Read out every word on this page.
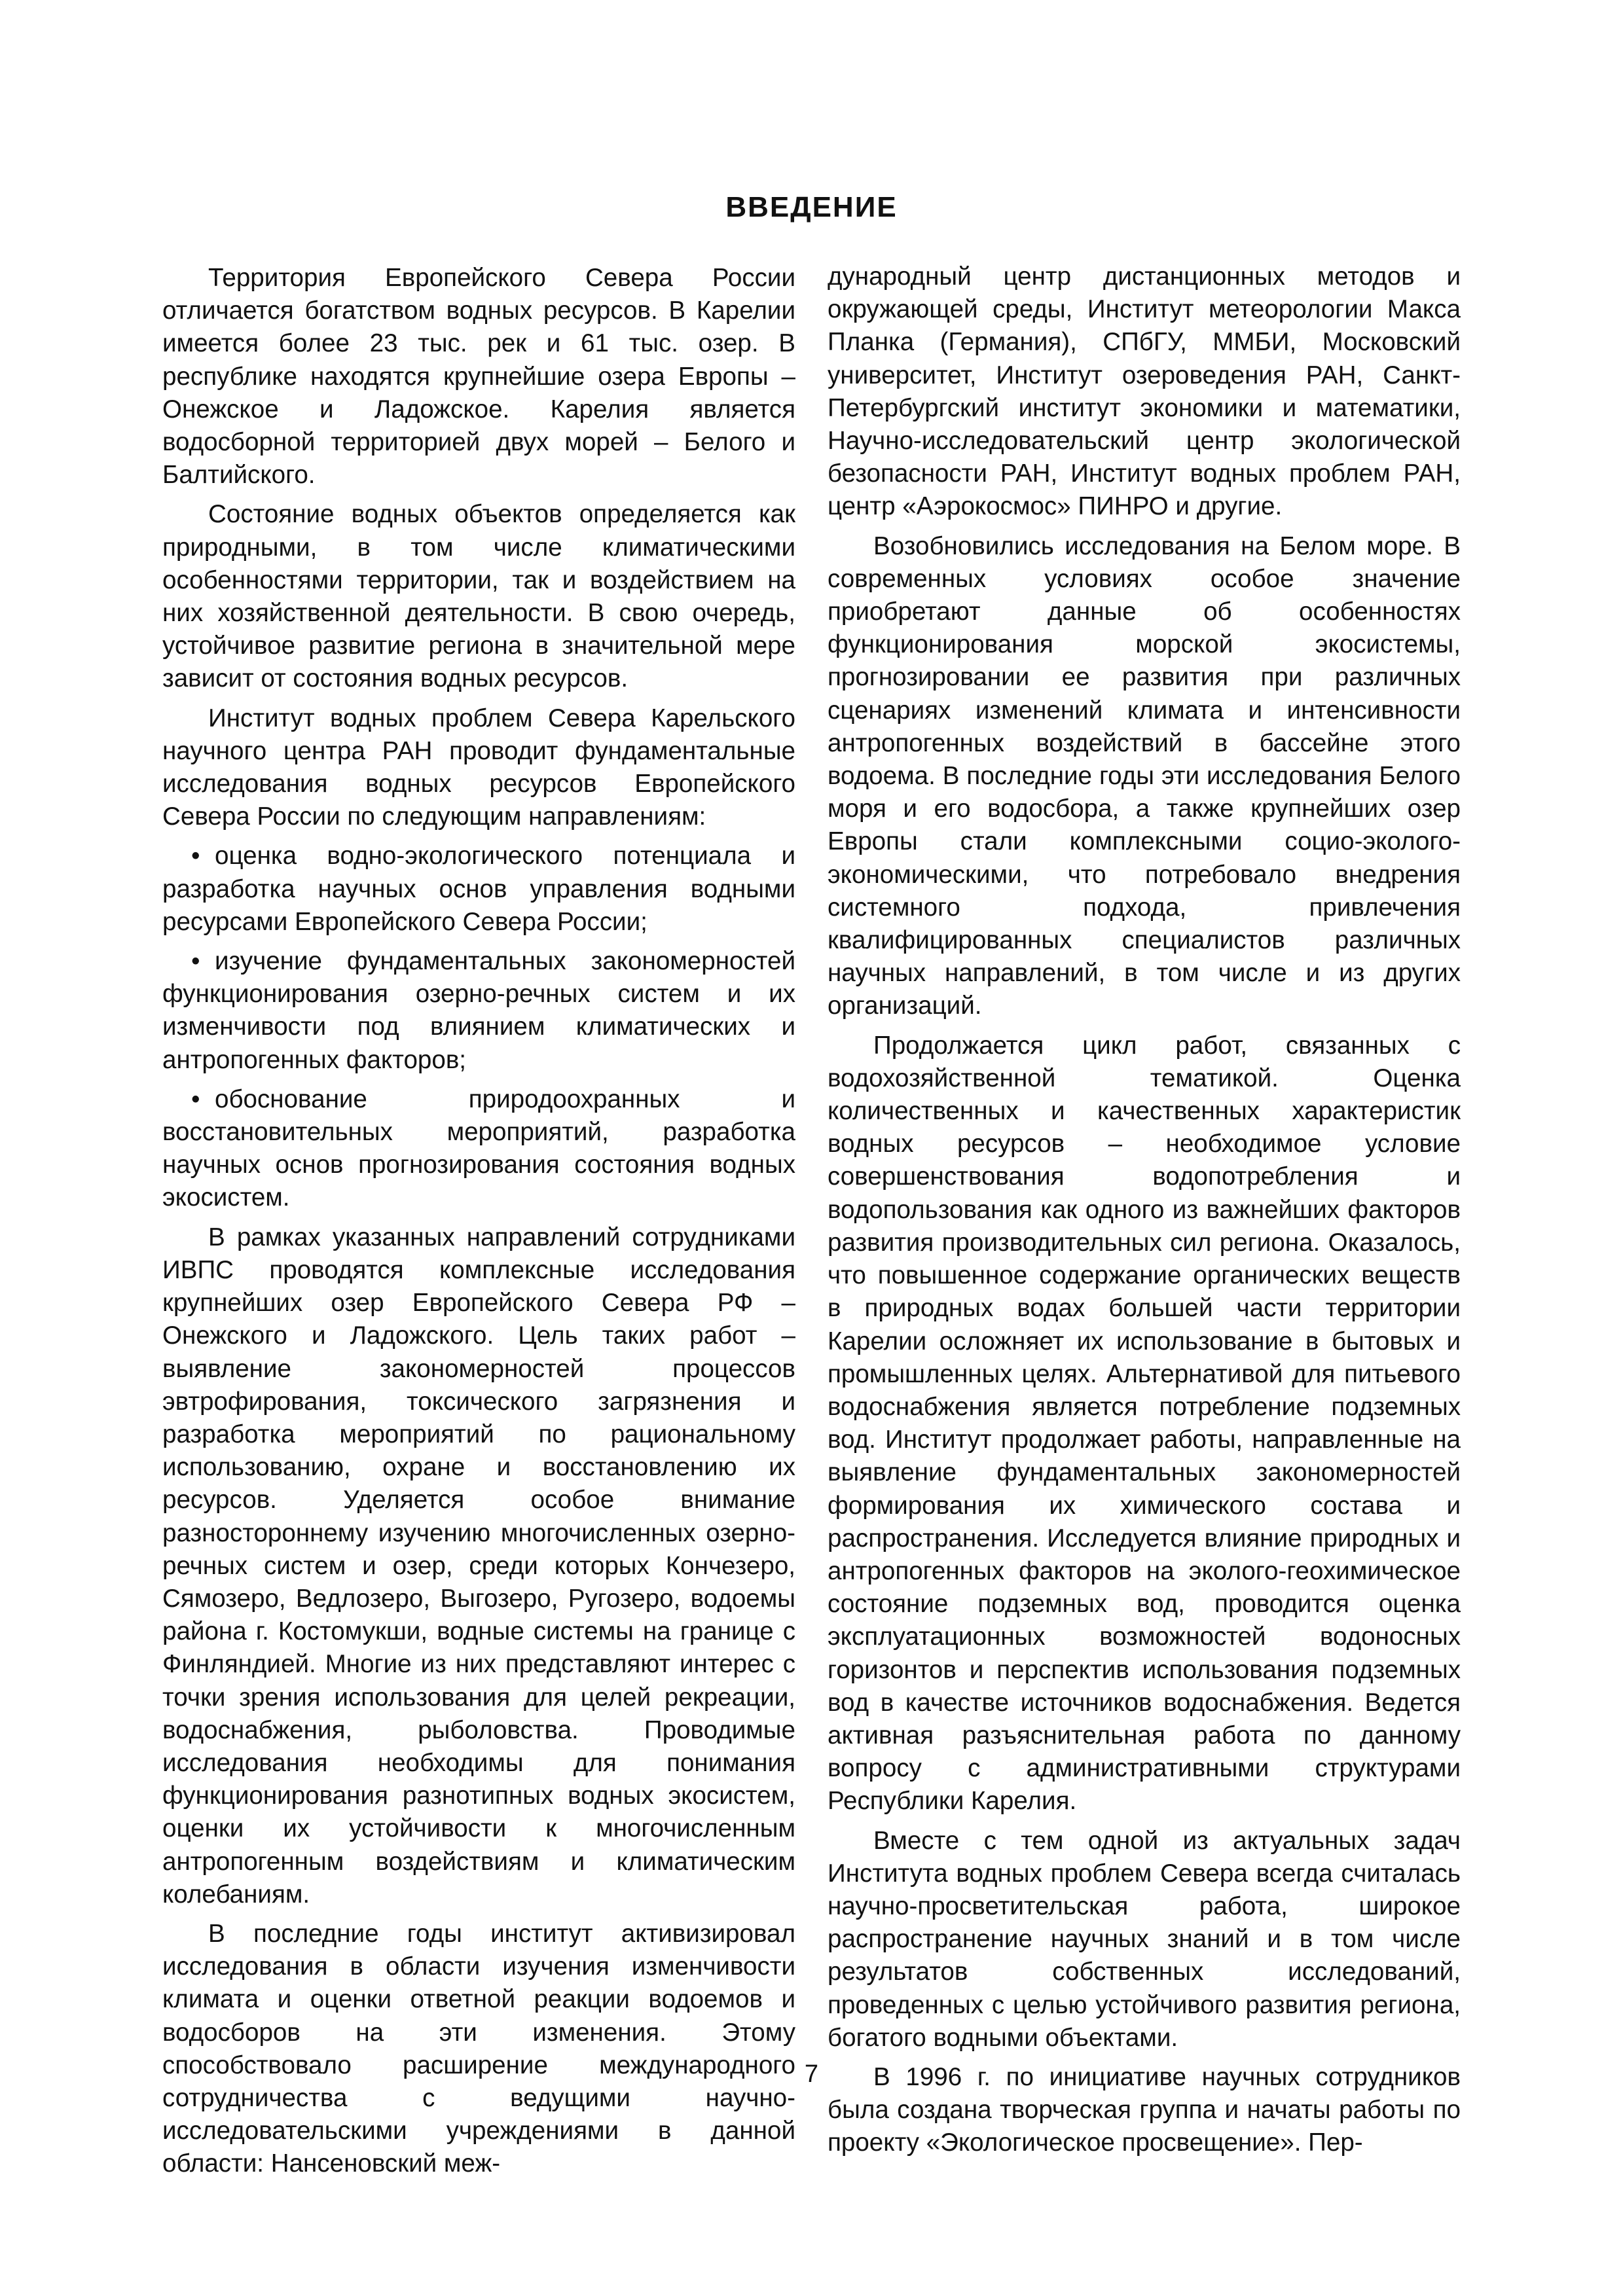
ВВЕДЕНИЕ

Территория Европейского Севера России отличается богатством водных ресурсов. В Карелии имеется более 23 тыс. рек и 61 тыс. озер. В республике находятся крупнейшие озера Европы – Онежское и Ладожское. Карелия является водосборной территорией двух морей – Белого и Балтийского.

Состояние водных объектов определяется как природными, в том числе климатическими особенностями территории, так и воздействием на них хозяйственной деятельности. В свою очередь, устойчивое развитие региона в значительной мере зависит от состояния водных ресурсов.

Институт водных проблем Севера Карельского научного центра РАН проводит фундаментальные исследования водных ресурсов Европейского Севера России по следующим направлениям:

• оценка водно-экологического потенциала и разработка научных основ управления водными ресурсами Европейского Севера России;

• изучение фундаментальных закономерностей функционирования озерно-речных систем и их изменчивости под влиянием климатических и антропогенных факторов;

• обоснование природоохранных и восстановительных мероприятий, разработка научных основ прогнозирования состояния водных экосистем.

В рамках указанных направлений сотрудниками ИВПС проводятся комплексные исследования крупнейших озер Европейского Севера РФ – Онежского и Ладожского. Цель таких работ – выявление закономерностей процессов эвтрофирования, токсического загрязнения и разработка мероприятий по рациональному использованию, охране и восстановлению их ресурсов. Уделяется особое внимание разностороннему изучению многочисленных озерно-речных систем и озер, среди которых Кончезеро, Сямозеро, Ведлозеро, Выгозеро, Ругозеро, водоемы района г. Костомукши, водные системы на границе с Финляндией. Многие из них представляют интерес с точки зрения использования для целей рекреации, водоснабжения, рыболовства. Проводимые исследования необходимы для понимания функционирования разнотипных водных экосистем, оценки их устойчивости к многочисленным антропогенным воздействиям и климатическим колебаниям.

В последние годы институт активизировал исследования в области изучения изменчивости климата и оценки ответной реакции водоемов и водосборов на эти изменения. Этому способствовало расширение международного сотрудничества с ведущими научно-исследовательскими учреждениями в данной области: Нансеновский меж-

дународный центр дистанционных методов и окружающей среды, Институт метеорологии Макса Планка (Германия), СПбГУ, ММБИ, Московский университет, Институт озероведения РАН, Санкт-Петербургский институт экономики и математики, Научно-исследовательский центр экологической безопасности РАН, Институт водных проблем РАН, центр «Аэрокосмос» ПИНРО и другие.

Возобновились исследования на Белом море. В современных условиях особое значение приобретают данные об особенностях функционирования морской экосистемы, прогнозировании ее развития при различных сценариях изменений климата и интенсивности антропогенных воздействий в бассейне этого водоема. В последние годы эти исследования Белого моря и его водосбора, а также крупнейших озер Европы стали комплексными социо-эколого-экономическими, что потребовало внедрения системного подхода, привлечения квалифицированных специалистов различных научных направлений, в том числе и из других организаций.

Продолжается цикл работ, связанных с водохозяйственной тематикой. Оценка количественных и качественных характеристик водных ресурсов – необходимое условие совершенствования водопотребления и водопользования как одного из важнейших факторов развития производительных сил региона. Оказалось, что повышенное содержание органических веществ в природных водах большей части территории Карелии осложняет их использование в бытовых и промышленных целях. Альтернативой для питьевого водоснабжения является потребление подземных вод. Институт продолжает работы, направленные на выявление фундаментальных закономерностей формирования их химического состава и распространения. Исследуется влияние природных и антропогенных факторов на эколого-геохимическое состояние подземных вод, проводится оценка эксплуатационных возможностей водоносных горизонтов и перспектив использования подземных вод в качестве источников водоснабжения. Ведется активная разъяснительная работа по данному вопросу с административными структурами Республики Карелия.

Вместе с тем одной из актуальных задач Института водных проблем Севера всегда считалась научно-просветительская работа, широкое распространение научных знаний и в том числе результатов собственных исследований, проведенных с целью устойчивого развития региона, богатого водными объектами.

В 1996 г. по инициативе научных сотрудников была создана творческая группа и начаты работы по проекту «Экологическое просвещение». Пер-

7
